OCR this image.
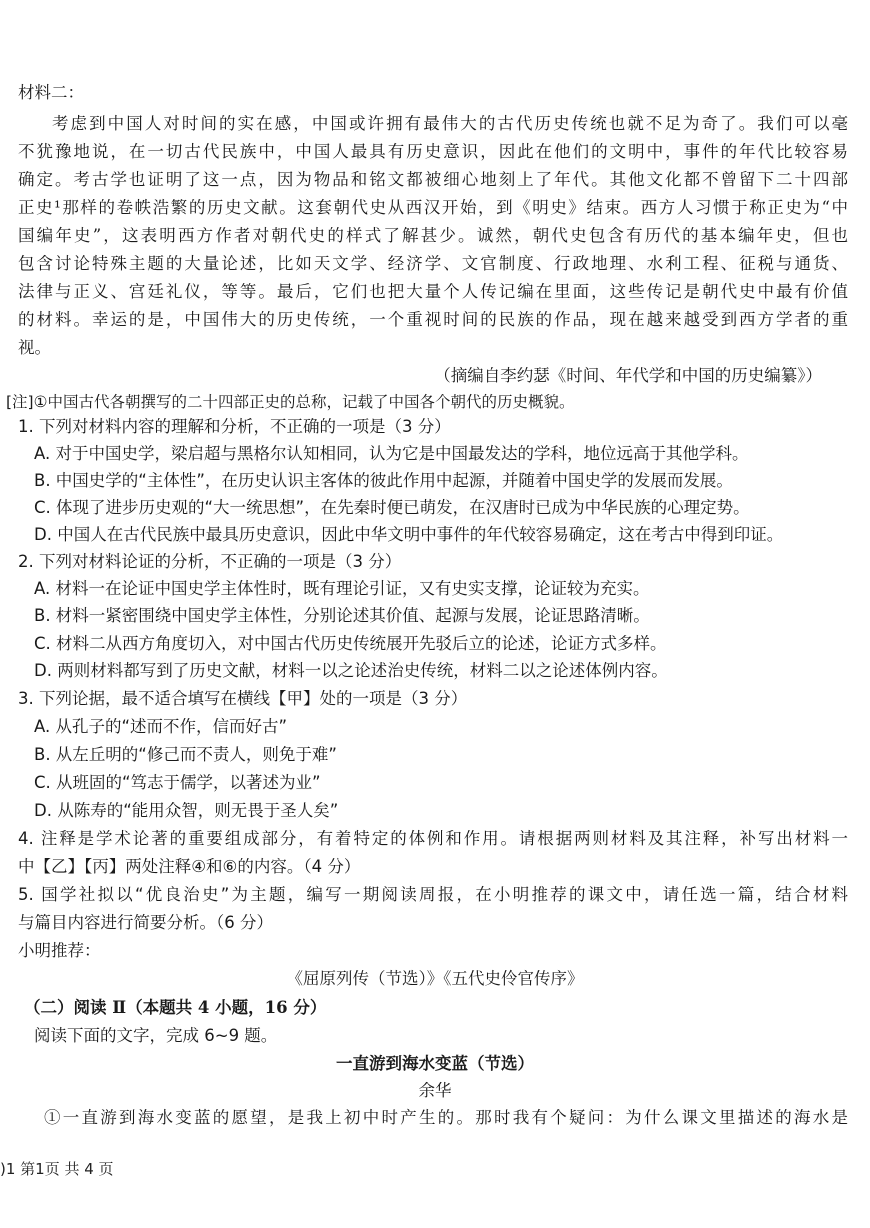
材料二：
考虑到中国人对时间的实在感，中国或许拥有最伟大的古代历史传统也就不足为奇了。我们可以毫
不犹豫地说，在一切古代民族中，中国人最具有历史意识，因此在他们的文明中，事件的年代比较容易
确定。考古学也证明了这一点，因为物品和铭文都被细心地刻上了年代。其他文化都不曾留下二十四部
正史¹那样的卷帙浩繁的历史文献。这套朝代史从西汉开始，到《明史》结束。西方人习惯于称正史为“中
国编年史”，这表明西方作者对朝代史的样式了解甚少。诚然，朝代史包含有历代的基本编年史，但也
包含讨论特殊主题的大量论述，比如天文学、经济学、文官制度、行政地理、水利工程、征税与通货、
法律与正义、宫廷礼仪，等等。最后，它们也把大量个人传记编在里面，这些传记是朝代史中最有价值
的材料。幸运的是，中国伟大的历史传统，一个重视时间的民族的作品，现在越来越受到西方学者的重
视。
（摘编自李约瑟《时间、年代学和中国的历史编纂》）
[注]①中国古代各朝撰写的二十四部正史的总称，记载了中国各个朝代的历史概貌。
1. 下列对材料内容的理解和分析，不正确的一项是（3 分）
A. 对于中国史学，梁启超与黑格尔认知相同，认为它是中国最发达的学科，地位远高于其他学科。
B. 中国史学的“主体性”，在历史认识主客体的彼此作用中起源，并随着中国史学的发展而发展。
C. 体现了进步历史观的“大一统思想”，在先秦时便已萌发，在汉唐时已成为中华民族的心理定势。
D. 中国人在古代民族中最具历史意识，因此中华文明中事件的年代较容易确定，这在考古中得到印证。
2. 下列对材料论证的分析，不正确的一项是（3 分）
A. 材料一在论证中国史学主体性时，既有理论引证，又有史实支撑，论证较为充实。
B. 材料一紧密围绕中国史学主体性，分别论述其价值、起源与发展，论证思路清晰。
C. 材料二从西方角度切入，对中国古代历史传统展开先驳后立的论述，论证方式多样。
D. 两则材料都写到了历史文献，材料一以之论述治史传统，材料二以之论述体例内容。
3. 下列论据，最不适合填写在横线【甲】处的一项是（3 分）
A. 从孔子的“述而不作，信而好古”
B. 从左丘明的“修己而不责人，则免于难”
C. 从班固的“笃志于儒学，以著述为业”
D. 从陈寿的“能用众智，则无畏于圣人矣”
4. 注释是学术论著的重要组成部分，有着特定的体例和作用。请根据两则材料及其注释，补写出材料一
中【乙】【丙】两处注释④和⑥的内容。（4 分）
5. 国学社拟以“优良治史”为主题，编写一期阅读周报，在小明推荐的课文中，请任选一篇，结合材料
与篇目内容进行简要分析。（6 分）
小明推荐：
《屈原列传（节选）》《五代史伶官传序》
（二）阅读 Ⅱ（本题共 4 小题，16 分）
阅读下面的文字，完成 6~9 题。
一直游到海水变蓝（节选）
余华
①一直游到海水变蓝的愿望，是我上初中时产生的。那时我有个疑问：为什么课文里描述的海水是
)1 第1页 共 4 页
